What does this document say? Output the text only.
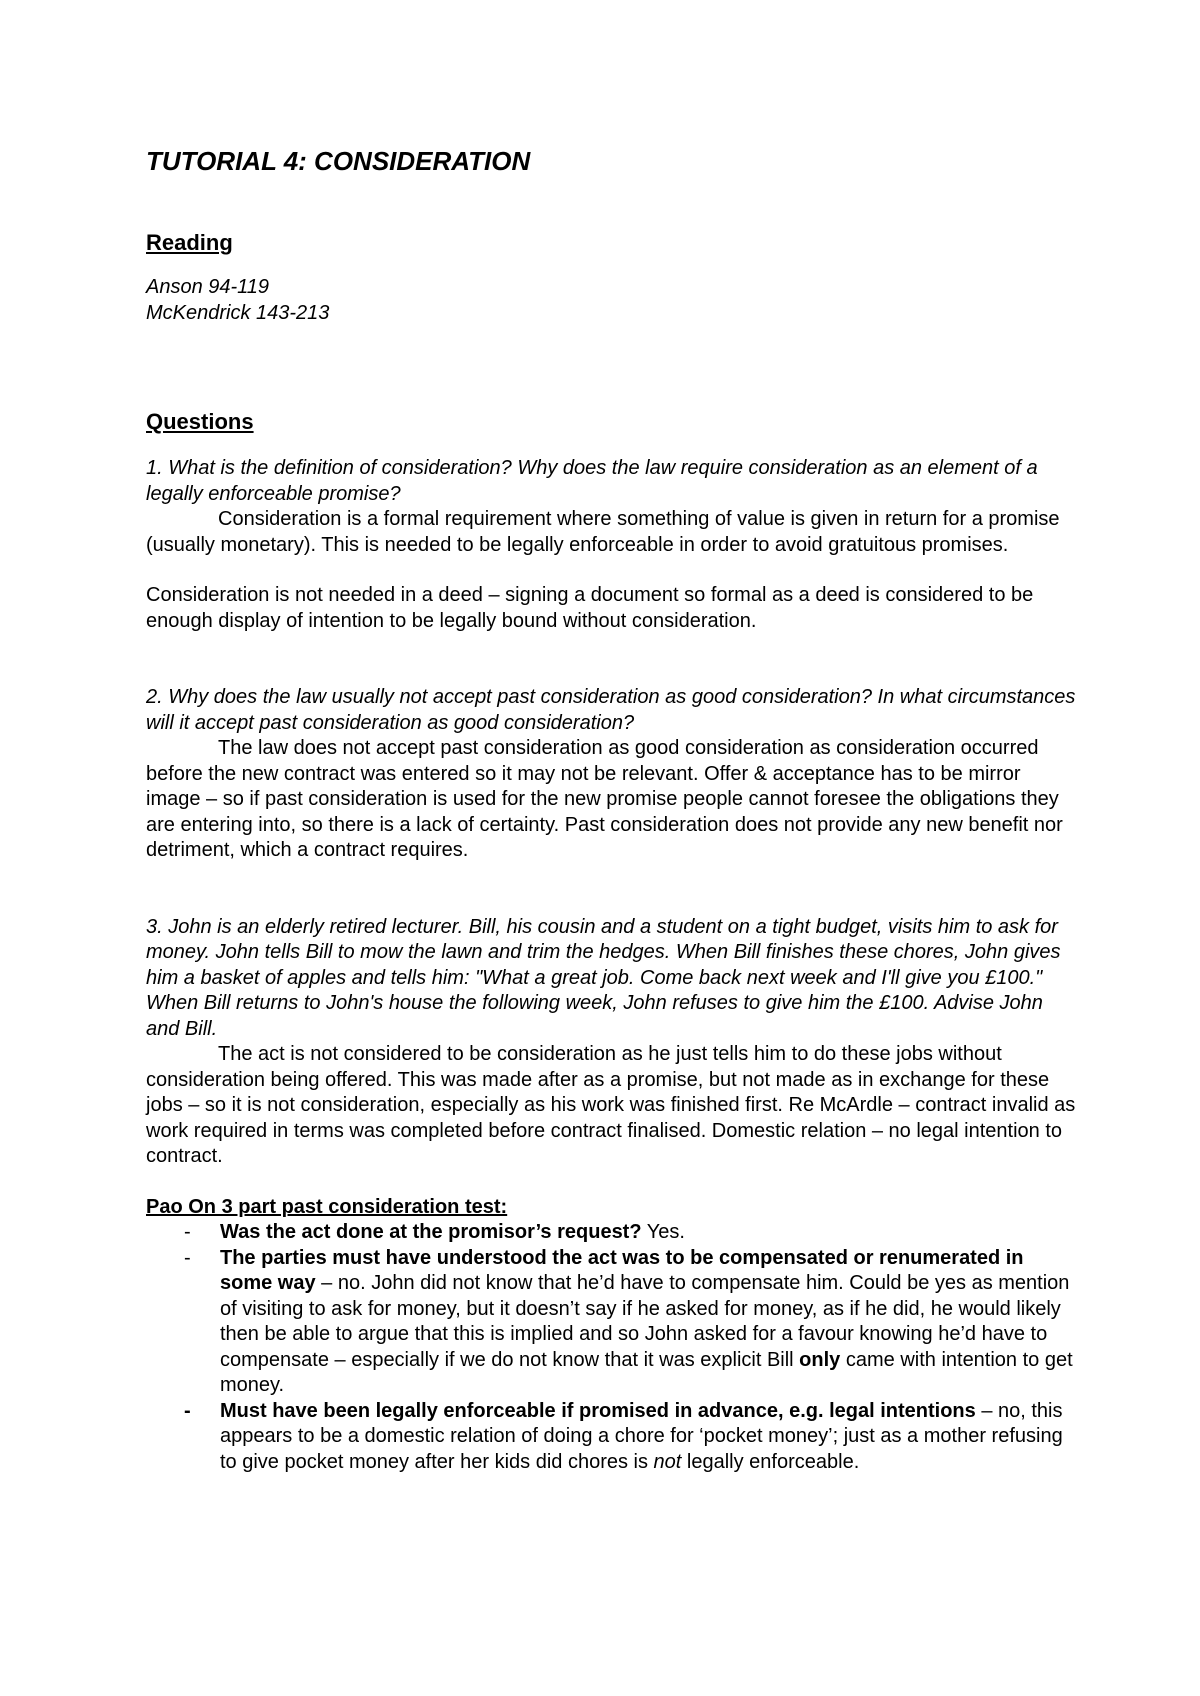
TUTORIAL 4: CONSIDERATION
Reading

Anson 94-119

McKendrick 143-213

Questions

1. What is the definition of consideration? Why does the law require consideration as an element of a legally enforceable promise?

Consideration is a formal requirement where something of value is given in return for a promise (usually monetary). This is needed to be legally enforceable in order to avoid gratuitous promises.

Consideration is not needed in a deed – signing a document so formal as a deed is considered to be enough display of intention to be legally bound without consideration.

2. Why does the law usually not accept past consideration as good consideration? In what circumstances will it accept past consideration as good consideration?

The law does not accept past consideration as good consideration as consideration occurred before the new contract was entered so it may not be relevant. Offer & acceptance has to be mirror image – so if past consideration is used for the new promise people cannot foresee the obligations they are entering into, so there is a lack of certainty. Past consideration does not provide any new benefit nor detriment, which a contract requires.

3. John is an elderly retired lecturer. Bill, his cousin and a student on a tight budget, visits him to ask for money. John tells Bill to mow the lawn and trim the hedges. When Bill finishes these chores, John gives him a basket of apples and tells him: "What a great job. Come back next week and I'll give you £100." When Bill returns to John's house the following week, John refuses to give him the £100. Advise John and Bill.

The act is not considered to be consideration as he just tells him to do these jobs without consideration being offered. This was made after as a promise, but not made as in exchange for these jobs – so it is not consideration, especially as his work was finished first. Re McArdle – contract invalid as work required in terms was completed before contract finalised. Domestic relation – no legal intention to contract.

Pao On 3 part past consideration test:

- Was the act done at the promisor’s request? Yes.
- The parties must have understood the act was to be compensated or renumerated in some way – no. John did not know that he’d have to compensate him. Could be yes as mention of visiting to ask for money, but it doesn’t say if he asked for money, as if he did, he would likely then be able to argue that this is implied and so John asked for a favour knowing he’d have to compensate – especially if we do not know that it was explicit Bill only came with intention to get money.
- Must have been legally enforceable if promised in advance, e.g. legal intentions – no, this appears to be a domestic relation of doing a chore for ‘pocket money’; just as a mother refusing to give pocket money after her kids did chores is not legally enforceable.
